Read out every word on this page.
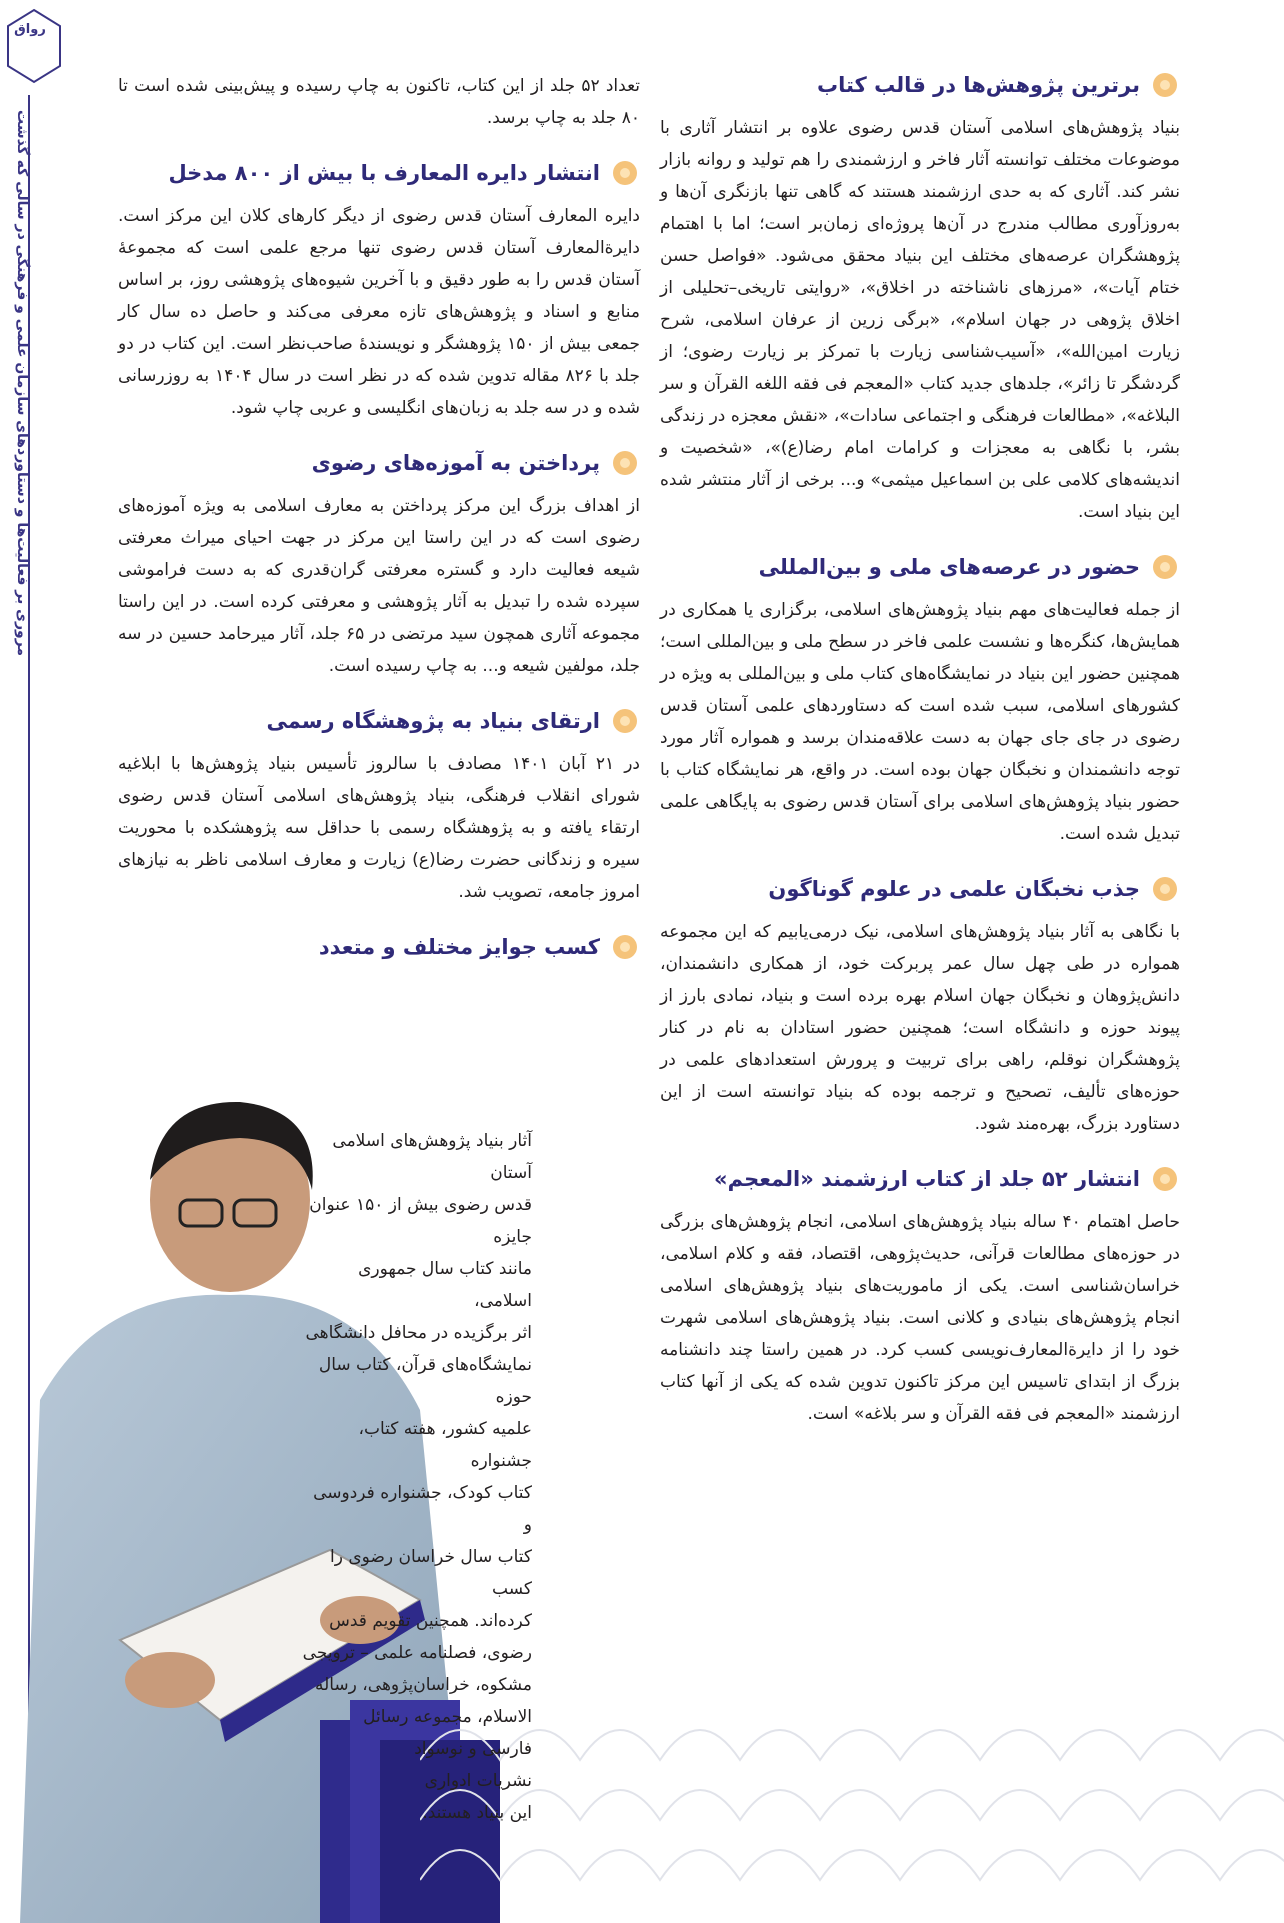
رواق
مروری بر فعالیت‌ها و دستاوردهای سازمان علمی و فرهنگی در سالی که گذشت
برترین پژوهش‌ها در قالب کتاب

بنیاد پژوهش‌های اسلامی آستان قدس رضوی علاوه بر انتشار آثاری با موضوعات مختلف توانسته آثار فاخر و ارزشمندی را هم تولید و روانه بازار نشر کند. آثاری که به حدی ارزشمند هستند که گاهی تنها بازنگری آن‌ها و به‌روزآوری مطالب مندرج در آن‌ها پروژه‌ای زمان‌بر است؛ اما با اهتمام پژوهشگران عرصه‌های مختلف این بنیاد محقق می‌شود. «فواصل حسن ختام آیات»، «مرزهای ناشناخته در اخلاق»، «روایتی تاریخی–تحلیلی از اخلاق پژوهی در جهان اسلام»، «برگی زرین از عرفان اسلامی، شرح زیارت امین‌الله»، «آسیب‌شناسی زیارت با تمرکز بر زیارت رضوی؛ از گردشگر تا زائر»، جلدهای جدید کتاب «المعجم فی فقه اللغه القرآن و سر البلاغه»، «مطالعات فرهنگی و اجتماعی سادات»، «نقش معجزه در زندگی بشر، با نگاهی به معجزات و کرامات امام رضا(ع)»، «شخصیت و اندیشه‌های کلامی علی بن اسماعیل میثمی» و... برخی از آثار منتشر شده این بنیاد است.

حضور در عرصه‌های ملی و بین‌المللی

از جمله فعالیت‌های مهم بنیاد پژوهش‌های اسلامی، برگزاری یا همکاری در همایش‌ها، کنگره‌ها و نشست علمی فاخر در سطح ملی و بین‌المللی است؛ همچنین حضور این بنیاد در نمایشگاه‌های کتاب ملی و بین‌المللی به ویژه در کشورهای اسلامی، سبب شده است که دستاوردهای علمی آستان قدس رضوی در جای جای جهان به دست علاقه‌مندان برسد و همواره آثار مورد توجه دانشمندان و نخبگان جهان بوده است. در واقع، هر نمایشگاه کتاب با حضور بنیاد پژوهش‌های اسلامی برای آستان قدس رضوی به پایگاهی علمی تبدیل شده است.

جذب نخبگان علمی در علوم گوناگون

با نگاهی به آثار بنیاد پژوهش‌های اسلامی، نیک درمی‌یابیم که این مجموعه همواره در طی چهل سال عمر پربرکت خود، از همکاری دانشمندان، دانش‌پژوهان و نخبگان جهان اسلام بهره برده است و بنیاد، نمادی بارز از پیوند حوزه و دانشگاه است؛ همچنین حضور استادان به نام در کنار پژوهشگران نوقلم، راهی برای تربیت و پرورش استعدادهای علمی در حوزه‌های تألیف، تصحیح و ترجمه بوده که بنیاد توانسته است از این دستاورد بزرگ، بهره‌مند شود.

انتشار ۵۲ جلد از کتاب ارزشمند «المعجم»

حاصل اهتمام ۴۰ ساله بنیاد پژوهش‌های اسلامی، انجام پژوهش‌های بزرگی در حوزه‌های مطالعات قرآنی، حدیث‌پژوهی، اقتصاد، فقه و کلام اسلامی، خراسان‌شناسی است. یکی از ماموریت‌های بنیاد پژوهش‌های اسلامی انجام پژوهش‌های بنیادی و کلانی است. بنیاد پژوهش‌های اسلامی شهرت خود را از دایرة‌المعارف‌نویسی کسب کرد. در همین راستا چند دانشنامه بزرگ از ابتدای تاسیس این مرکز تاکنون تدوین شده که یکی از آنها کتاب ارزشمند «المعجم فی فقه القرآن و سر بلاغه» است.

تعداد ۵۲ جلد از این کتاب، تاکنون به چاپ رسیده و پیش‌بینی شده است تا ۸۰ جلد به چاپ برسد.

انتشار دایره المعارف با بیش از ۸۰۰ مدخل

دایره المعارف آستان قدس رضوی از دیگر کارهای کلان این مرکز است. دایرة‌المعارف آستان قدس رضوی تنها مرجع علمی است که مجموعهٔ آستان قدس را به طور دقیق و با آخرین شیوه‌های پژوهشی روز، بر اساس منابع و اسناد و پژوهش‌های تازه معرفی می‌کند و حاصل ده سال کار جمعی بیش از ۱۵۰ پژوهشگر و نویسندهٔ صاحب‌نظر است. این کتاب در دو جلد با ۸۲۶ مقاله تدوین شده که در نظر است در سال ۱۴۰۴ به روزرسانی شده و در سه جلد به زبان‌های انگلیسی و عربی چاپ شود.

پرداختن به آموزه‌های رضوی

از اهداف بزرگ این مرکز پرداختن به معارف اسلامی به ویژه آموزه‌های رضوی است که در این راستا این مرکز در جهت احیای میراث معرفتی شیعه فعالیت دارد و گستره معرفتی گران‌قدری که به دست فراموشی سپرده شده را تبدیل به آثار پژوهشی و معرفتی کرده است. در این راستا مجموعه آثاری همچون سید مرتضی در ۶۵ جلد، آثار میرحامد حسین در سه جلد، مولفین شیعه و... به چاپ رسیده است.

ارتقای بنیاد به پژوهشگاه رسمی

در ۲۱ آبان ۱۴۰۱ مصادف با سالروز تأسیس بنیاد پژوهش‌ها با ابلاغیه شورای انقلاب فرهنگی، بنیاد پژوهش‌های اسلامی آستان قدس رضوی ارتقاء یافته و به پژوهشگاه رسمی با حداقل سه پژوهشکده با محوریت سیره و زندگانی حضرت رضا(ع) زیارت و معارف اسلامی ناظر به نیازهای امروز جامعه، تصویب شد.

کسب جوایز مختلف و متعدد

آثار بنیاد پژوهش‌های اسلامی آستان

قدس رضوی بیش از ۱۵۰ عنوان جایزه

مانند کتاب سال جمهوری اسلامی،

اثر برگزیده در محافل دانشگاهی

نمایشگاه‌های قرآن، کتاب سال حوزه

علمیه کشور، هفته کتاب، جشنواره

کتاب کودک، جشنواره فردوسی و

کتاب سال خراسان رضوی را کسب

کرده‌اند. همچنین تقویم قدس

رضوی، فصلنامه علمی – ترویجی

مشکوه، خراسان‌پژوهی، رساله

الاسلام، مجموعه رسائل

فارسی و نوسواد

نشریات ادواری

این بنیاد هستند.
